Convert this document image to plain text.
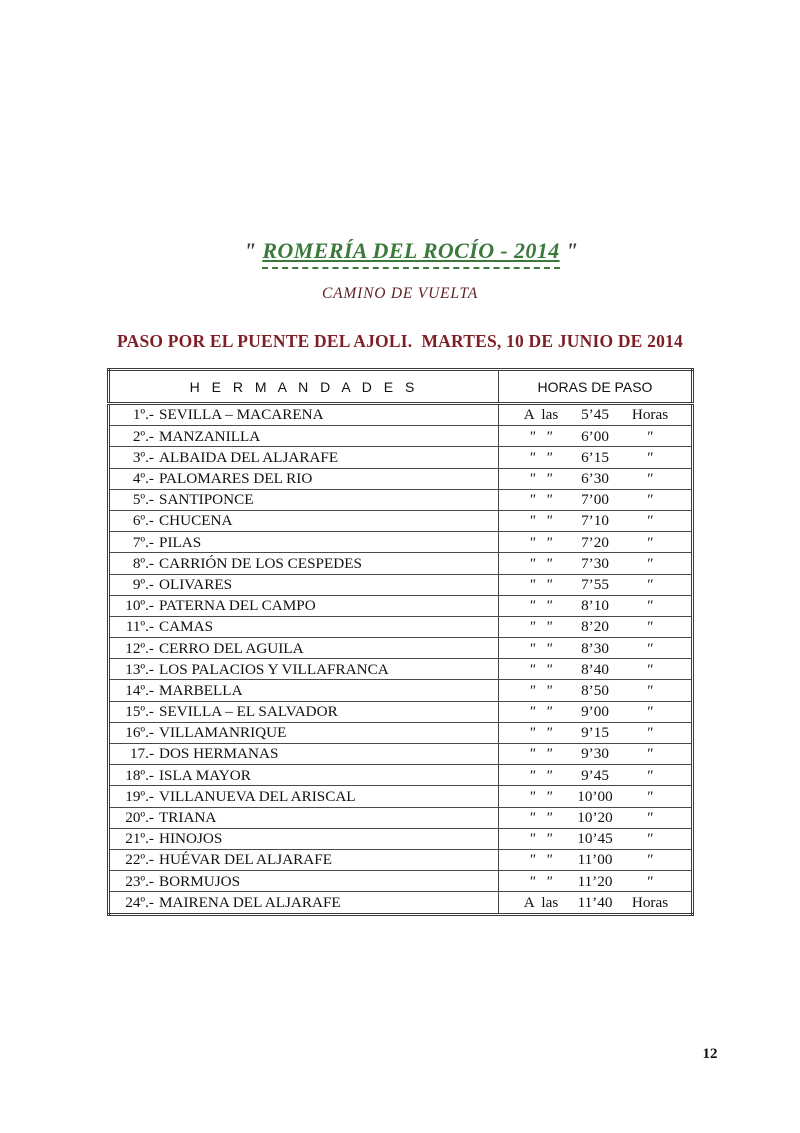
" ROMERÍA DEL ROCÍO - 2014 "
CAMINO DE VUELTA
PASO POR EL PUENTE DEL AJOLI.  MARTES, 10 DE JUNIO DE 2014
H E R M A N D A D E S	HORAS DE PASO
1º.- SEVILLA – MACARENA	A  las 5’45 Horas

2º.- MANZANILLA	"  " 6’00 "

3º.- ALBAIDA DEL ALJARAFE	"  " 6’15 "

4º.- PALOMARES DEL RIO	"  " 6’30 "

5º.- SANTIPONCE	"  " 7’00 "

6º.- CHUCENA	"  " 7’10 "

7º.- PILAS	"  " 7’20 "

8º.- CARRIÓN DE LOS CESPEDES	"  " 7’30 "

9º.- OLIVARES	"  " 7’55 "

10º.- PATERNA DEL CAMPO	"  " 8’10 "

11º.- CAMAS	"  " 8’20 "

12º.- CERRO DEL AGUILA	"  " 8’30 "

13º.- LOS PALACIOS Y VILLAFRANCA	"  " 8’40 "

14º.- MARBELLA	"  " 8’50 "

15º.- SEVILLA – EL SALVADOR	"  " 9’00 "

16º.- VILLAMANRIQUE	"  " 9’15 "

17.- DOS HERMANAS	"  " 9’30 "

18º.- ISLA MAYOR	"  " 9’45 "

19º.- VILLANUEVA DEL ARISCAL	"  " 10’00 "

20º.- TRIANA	"  " 10’20 "

21º.- HINOJOS	"  " 10’45 "

22º.- HUÉVAR DEL ALJARAFE	"  " 11’00 "

23º.- BORMUJOS	"  " 11’20 "

24º.- MAIRENA DEL ALJARAFE	A  las 11’40 Horas
12
